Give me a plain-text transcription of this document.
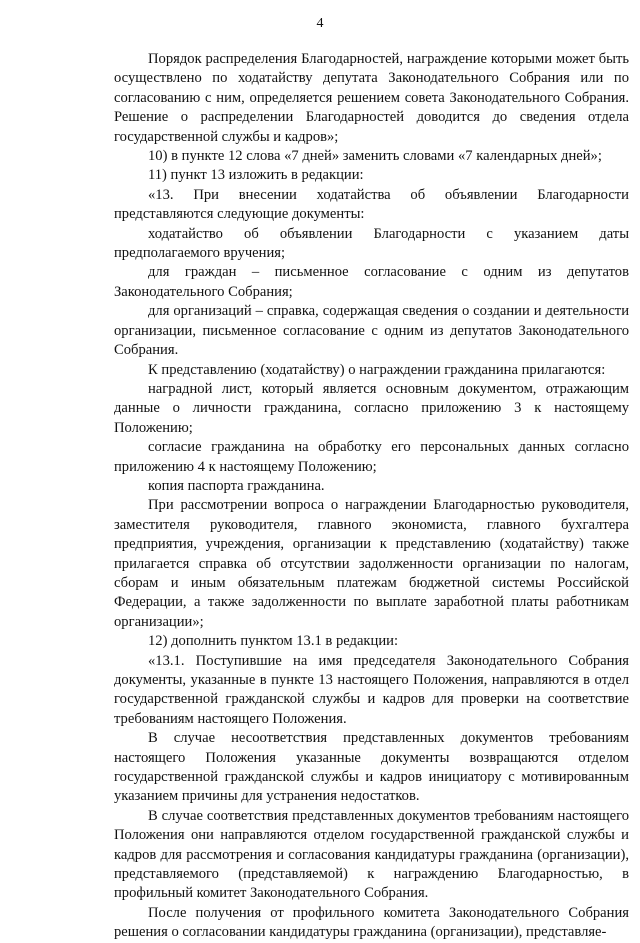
4

Порядок распределения Благодарностей, награждение которыми может быть осуществлено по ходатайству депутата Законодательного Собрания или по согласованию с ним, определяется решением совета Законодательного Собрания. Решение о распределении Благодарностей доводится до сведения отдела государственной службы и кадров»;

10) в пункте 12 слова «7 дней» заменить словами «7 календарных дней»;

11) пункт 13 изложить в редакции:

«13. При внесении ходатайства об объявлении Благодарности представляются следующие документы:

ходатайство об объявлении Благодарности с указанием даты предполагаемого вручения;

для граждан – письменное согласование с одним из депутатов Законодательного Собрания;

для организаций – справка, содержащая сведения о создании и деятельности организации, письменное согласование с одним из депутатов Законодательного Собрания.

К представлению (ходатайству) о награждении гражданина прилагаются:

наградной лист, который является основным документом, отражающим данные о личности гражданина, согласно приложению 3 к настоящему Положению;

согласие гражданина на обработку его персональных данных согласно приложению 4 к настоящему Положению;

копия паспорта гражданина.

При рассмотрении вопроса о награждении Благодарностью руководителя, заместителя руководителя, главного экономиста, главного бухгалтера предприятия, учреждения, организации к представлению (ходатайству) также прилагается справка об отсутствии задолженности организации по налогам, сборам и иным обязательным платежам бюджетной системы Российской Федерации, а также задолженности по выплате заработной платы работникам организации»;

12) дополнить пунктом 13.1 в редакции:

«13.1. Поступившие на имя председателя Законодательного Собрания документы, указанные в пункте 13 настоящего Положения, направляются в отдел государственной гражданской службы и кадров для проверки на соответствие требованиям настоящего Положения.

В случае несоответствия представленных документов требованиям настоящего Положения указанные документы возвращаются отделом государственной гражданской службы и кадров инициатору с мотивированным указанием причины для устранения недостатков.

В случае соответствия представленных документов требованиям настоящего Положения они направляются отделом государственной гражданской службы и кадров для рассмотрения и согласования кандидатуры гражданина (организации), представляемого (представляемой) к награждению Благодарностью, в профильный комитет Законодательного Собрания.

После получения от профильного комитета Законодательного Собрания решения о согласовании кандидатуры гражданина (организации), представляе-
